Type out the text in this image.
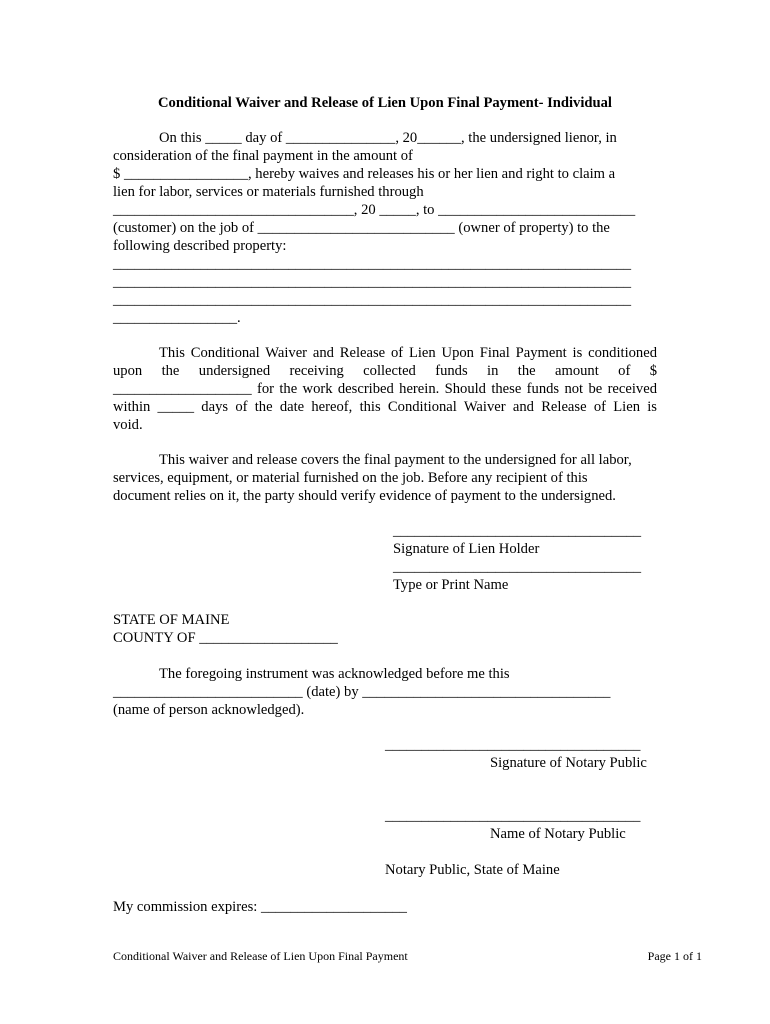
Conditional Waiver and Release of Lien Upon Final Payment- Individual
On this _____ day of _______________, 20______, the undersigned lienor, in
consideration of the final payment in the amount of
$ _________________, hereby waives and releases his or her lien and right to claim a
lien for labor, services or materials furnished through
_________________________________, 20 _____, to ___________________________
(customer) on the job of ___________________________ (owner of property) to the
following described property:
_______________________________________________________________________
_______________________________________________________________________
_______________________________________________________________________
_________________.
This Conditional Waiver and Release of Lien Upon Final Payment is conditioned
upon the undersigned receiving collected funds in the amount of $
___________________ for the work described herein. Should these funds not be received
within _____ days of the date hereof, this Conditional Waiver and Release of Lien is
void.
This waiver and release covers the final payment to the undersigned for all labor,
services, equipment, or material furnished on the job. Before any recipient of this
document relies on it, the party should verify evidence of payment to the undersigned.
__________________________________
Signature of Lien Holder
__________________________________
Type or Print Name
STATE OF MAINE
COUNTY OF ___________________
The foregoing instrument was acknowledged before me this
__________________________ (date) by __________________________________
(name of person acknowledged).
___________________________________
Signature of Notary Public
___________________________________
Name of Notary Public
Notary Public, State of Maine
My commission expires: ____________________
Conditional Waiver and Release of Lien Upon Final Payment	Page 1 of 1
